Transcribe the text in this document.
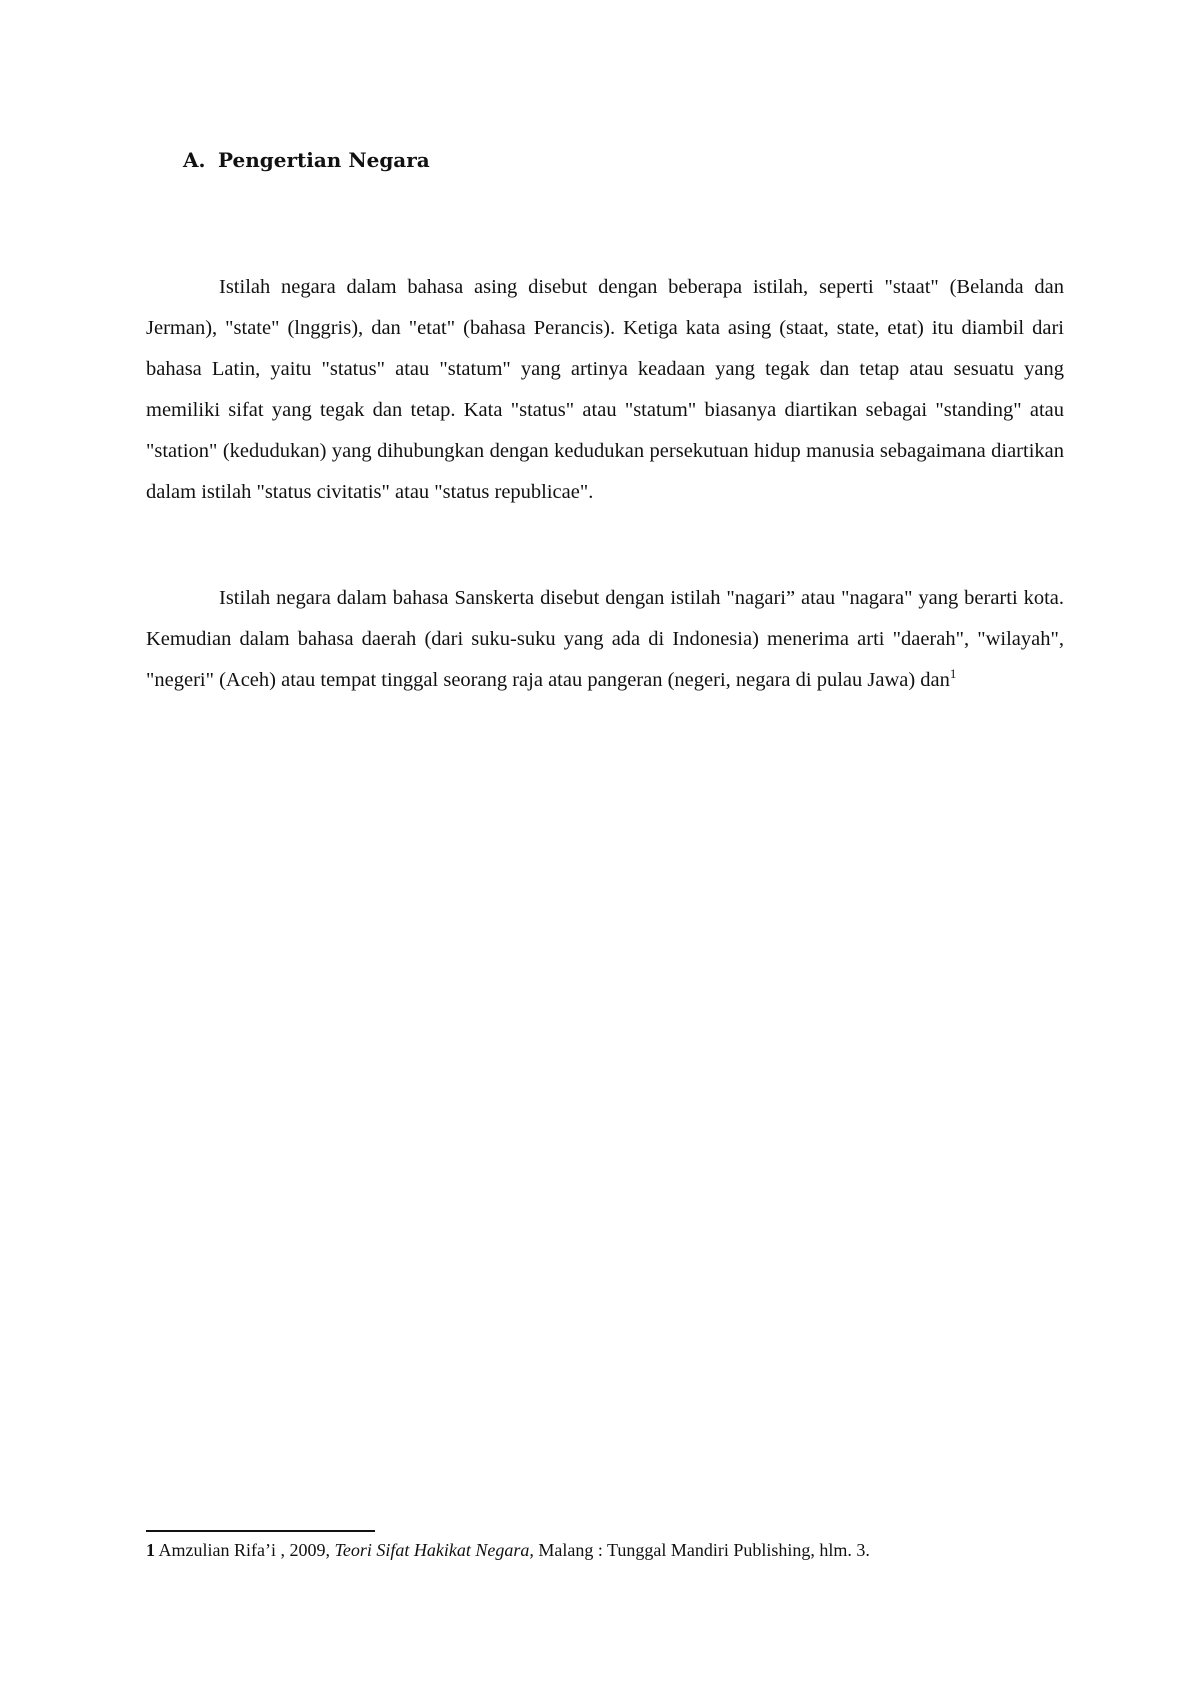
A. Pengertian Negara

Istilah negara dalam bahasa asing disebut dengan beberapa istilah, seperti "staat" (Belanda dan Jerman), "state" (lnggris), dan "etat" (bahasa Perancis). Ketiga kata asing (staat, state, etat) itu diambil dari bahasa Latin, yaitu "status" atau "statum" yang artinya keadaan yang tegak dan tetap atau sesuatu yang memiliki sifat yang tegak dan tetap. Kata "status" atau "statum" biasanya diartikan sebagai "standing" atau "station" (kedudukan) yang dihubungkan dengan kedudukan persekutuan hidup manusia sebagaimana diartikan dalam istilah "status civitatis" atau "status republicae".

Istilah negara dalam bahasa Sanskerta disebut dengan istilah "nagari” atau "nagara" yang berarti kota. Kemudian dalam bahasa daerah (dari suku-suku yang ada di Indonesia) menerima arti "daerah", "wilayah", "negeri" (Aceh) atau tempat tinggal seorang raja atau pangeran (negeri, negara di pulau Jawa) dan$^1$

1 Amzulian Rifa’i , 2009, Teori Sifat Hakikat Negara, Malang : Tunggal Mandiri Publishing, hlm. 3.
